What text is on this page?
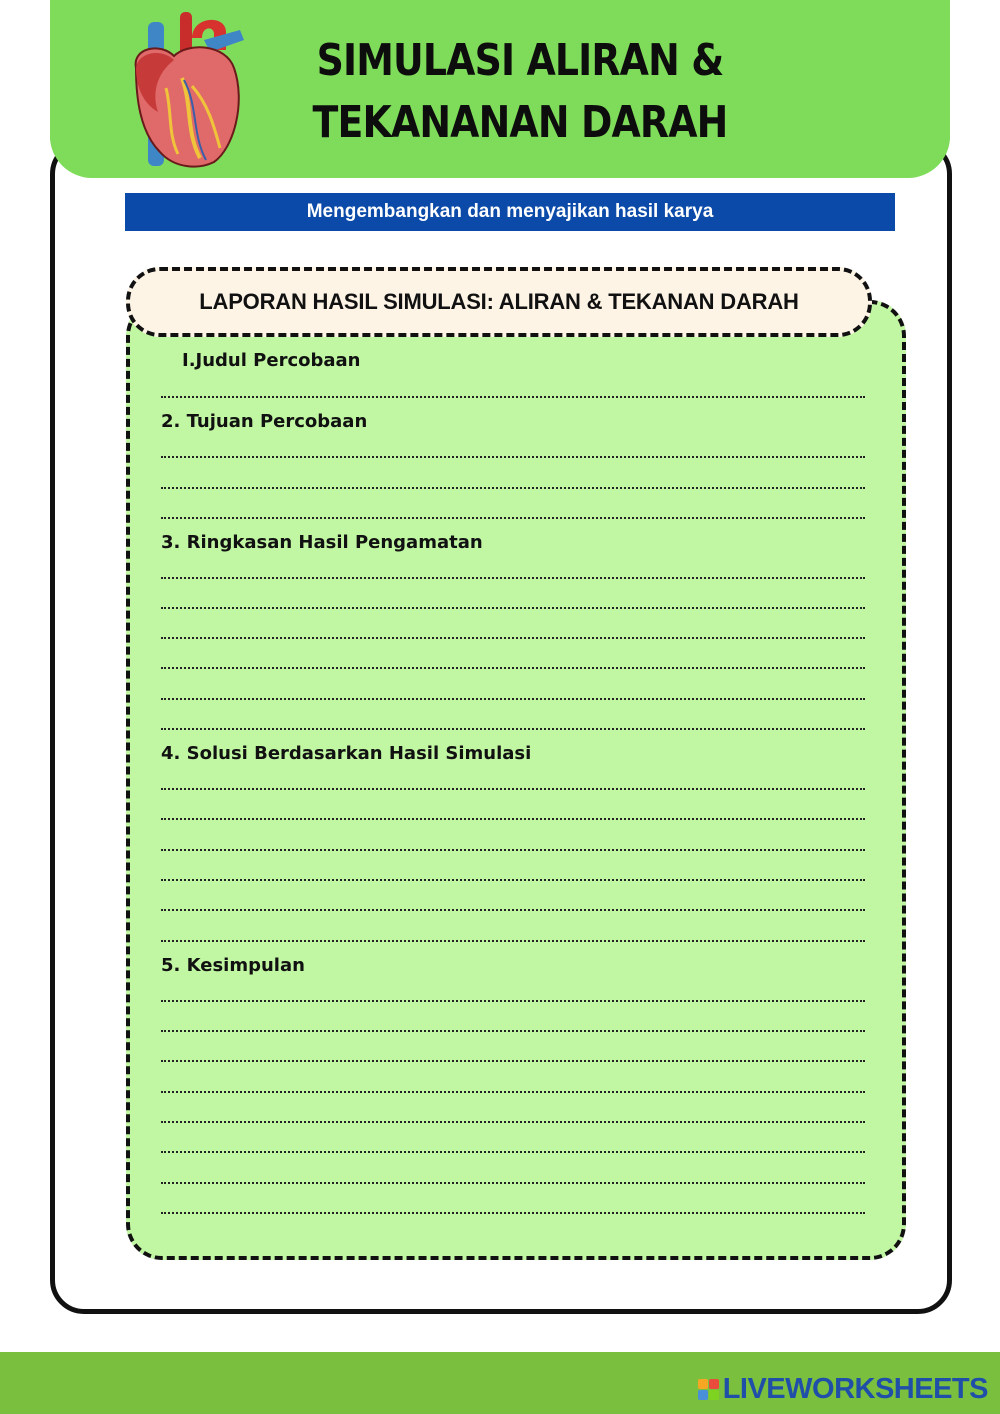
SIMULASI ALIRAN &
TEKANANAN DARAH
Mengembangkan dan menyajikan hasil karya
LAPORAN HASIL SIMULASI: ALIRAN & TEKANAN DARAH
I.Judul Percobaan
2. Tujuan Percobaan
3. Ringkasan Hasil Pengamatan
4. Solusi Berdasarkan Hasil Simulasi
5. Kesimpulan
LIVEWORKSHEETS
